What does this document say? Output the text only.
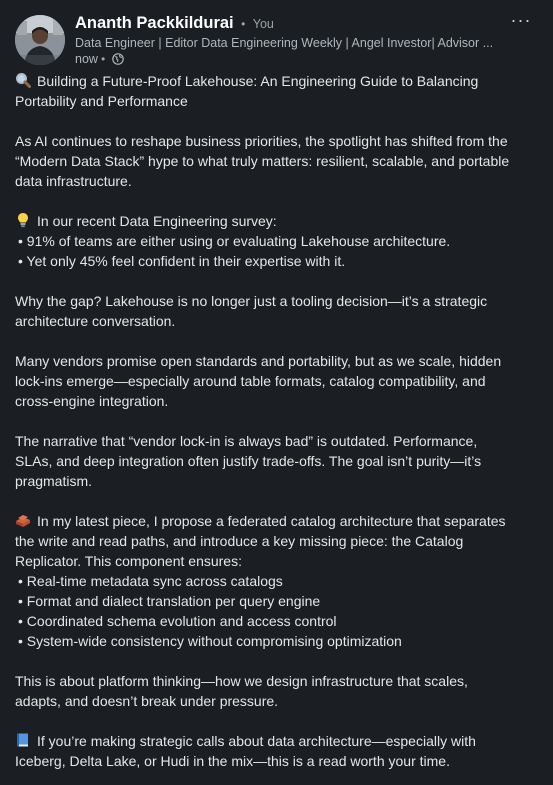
Ananth Packkildurai • You
Data Engineer | Editor Data Engineering Weekly | Angel Investor| Advisor ...
now •
···
Building a Future-Proof Lakehouse: An Engineering Guide to Balancing
Portability and Performance
As AI continues to reshape business priorities, the spotlight has shifted from the
“Modern Data Stack” hype to what truly matters: resilient, scalable, and portable
data infrastructure.
In our recent Data Engineering survey:
• 91% of teams are either using or evaluating Lakehouse architecture.
• Yet only 45% feel confident in their expertise with it.
Why the gap? Lakehouse is no longer just a tooling decision—it’s a strategic
architecture conversation.
Many vendors promise open standards and portability, but as we scale, hidden
lock-ins emerge—especially around table formats, catalog compatibility, and
cross-engine integration.
The narrative that “vendor lock-in is always bad” is outdated. Performance,
SLAs, and deep integration often justify trade-offs. The goal isn’t purity—it’s
pragmatism.
In my latest piece, I propose a federated catalog architecture that separates
the write and read paths, and introduce a key missing piece: the Catalog
Replicator. This component ensures:
• Real-time metadata sync across catalogs
• Format and dialect translation per query engine
• Coordinated schema evolution and access control
• System-wide consistency without compromising optimization
This is about platform thinking—how we design infrastructure that scales,
adapts, and doesn’t break under pressure.
If you’re making strategic calls about data architecture—especially with
Iceberg, Delta Lake, or Hudi in the mix—this is a read worth your time.
